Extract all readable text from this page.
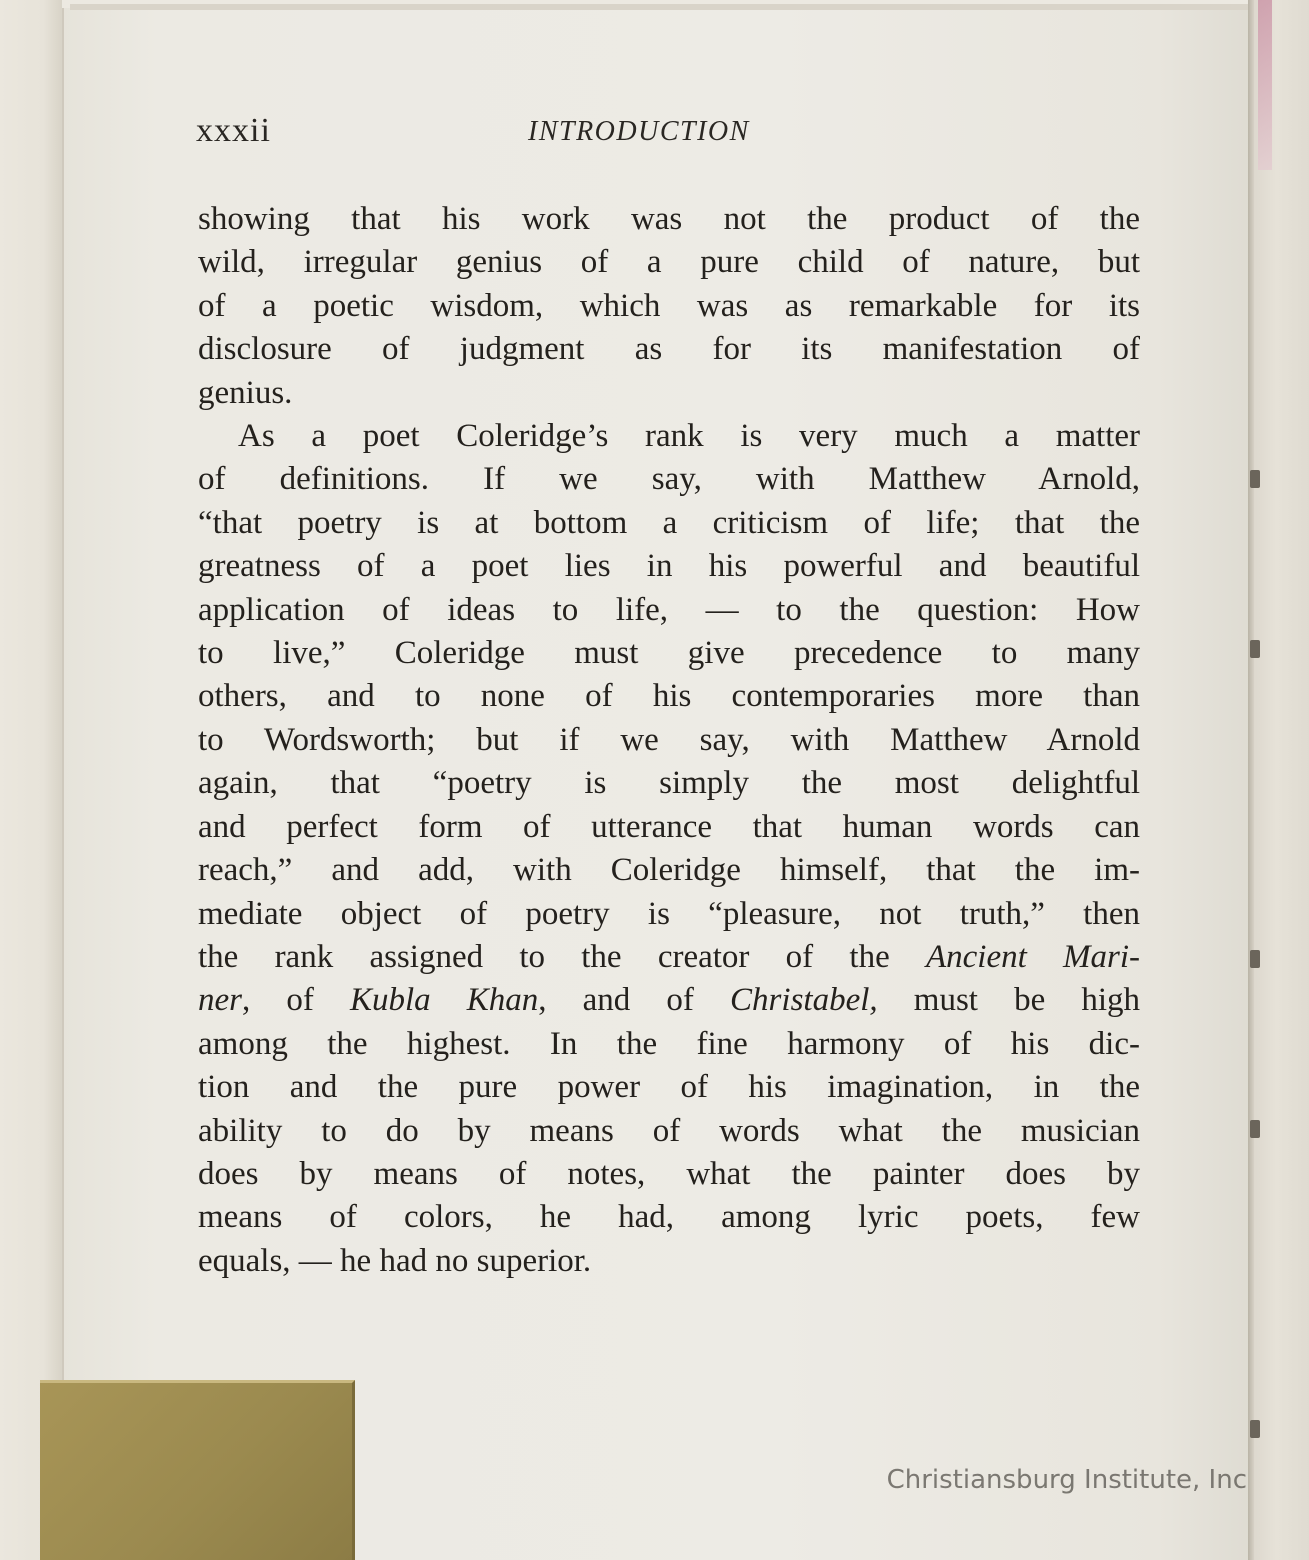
xxxii	INTRODUCTION
showing that his work was not the product of the
wild, irregular genius of a pure child of nature, but
of a poetic wisdom, which was as remarkable for its
disclosure of judgment as for its manifestation of
genius.
As a poet Coleridge’s rank is very much a matter
of definitions. If we say, with Matthew Arnold,
“that poetry is at bottom a criticism of life; that the
greatness of a poet lies in his powerful and beautiful
application of ideas to life, — to the question: How
to live,” Coleridge must give precedence to many
others, and to none of his contemporaries more than
to Wordsworth; but if we say, with Matthew Arnold
again, that “poetry is simply the most delightful
and perfect form of utterance that human words can
reach,” and add, with Coleridge himself, that the im-
mediate object of poetry is “pleasure, not truth,” then
the rank assigned to the creator of the Ancient Mari-
ner, of Kubla Khan, and of Christabel, must be high
among the highest. In the fine harmony of his dic-
tion and the pure power of his imagination, in the
ability to do by means of words what the musician
does by means of notes, what the painter does by
means of colors, he had, among lyric poets, few
equals, — he had no superior.
Christiansburg Institute, Inc
